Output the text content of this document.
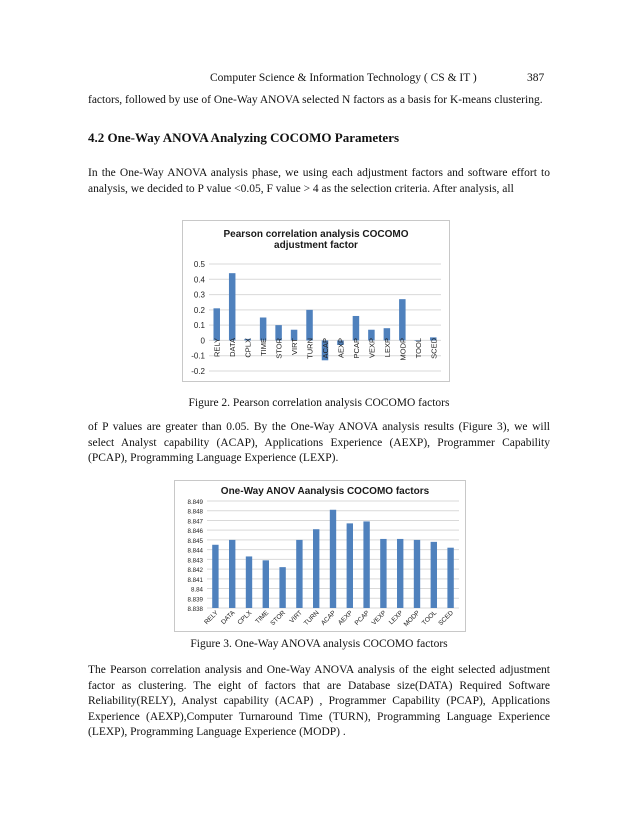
Computer Science & Information Technology ( CS & IT )	387

factors, followed by use of One-Way ANOVA selected N factors as a basis for K-means clustering.

4.2 One-Way ANOVA Analyzing COCOMO Parameters

In the One-Way ANOVA analysis phase, we using each adjustment factors and software effort to analysis, we decided to P value <0.05, F value > 4 as the selection criteria. After analysis, all

Pearson correlation analysis COCOMO
adjustment factor
0.5
0.4
0.3
0.2
0.1
0
-0.1
-0.2
RELY DATA CPLX TIME STOR VIRT TURN ACAP AEXP PCAP VEXP LEXP MODP TOOL SCED
Figure 2. Pearson correlation analysis COCOMO factors

of P values are greater than 0.05. By the One-Way ANOVA analysis results (Figure 3), we will select Analyst capability (ACAP), Applications Experience (AEXP), Programmer Capability (PCAP), Programming Language Experience (LEXP).

One-Way ANOV Aanalysis COCOMO factors
8.849
8.848
8.847
8.846
8.845
8.844
8.843
8.842
8.841
8.84
8.839
8.838 RELY DATA CPLX TIME STOR VIRT TURN ACAP AEXP PCAP VEXP LEXP
MODP TOOL SCED
Figure 3. One-Way ANOVA analysis COCOMO factors

The Pearson correlation analysis and One-Way ANOVA analysis of the eight selected adjustment factor as clustering. The eight of factors that are Database size(DATA) Required Software Reliability(RELY), Analyst capability (ACAP) , Programmer Capability (PCAP), Applications Experience (AEXP),Computer Turnaround Time (TURN), Programming Language Experience (LEXP), Programming Language Experience (MODP) .
